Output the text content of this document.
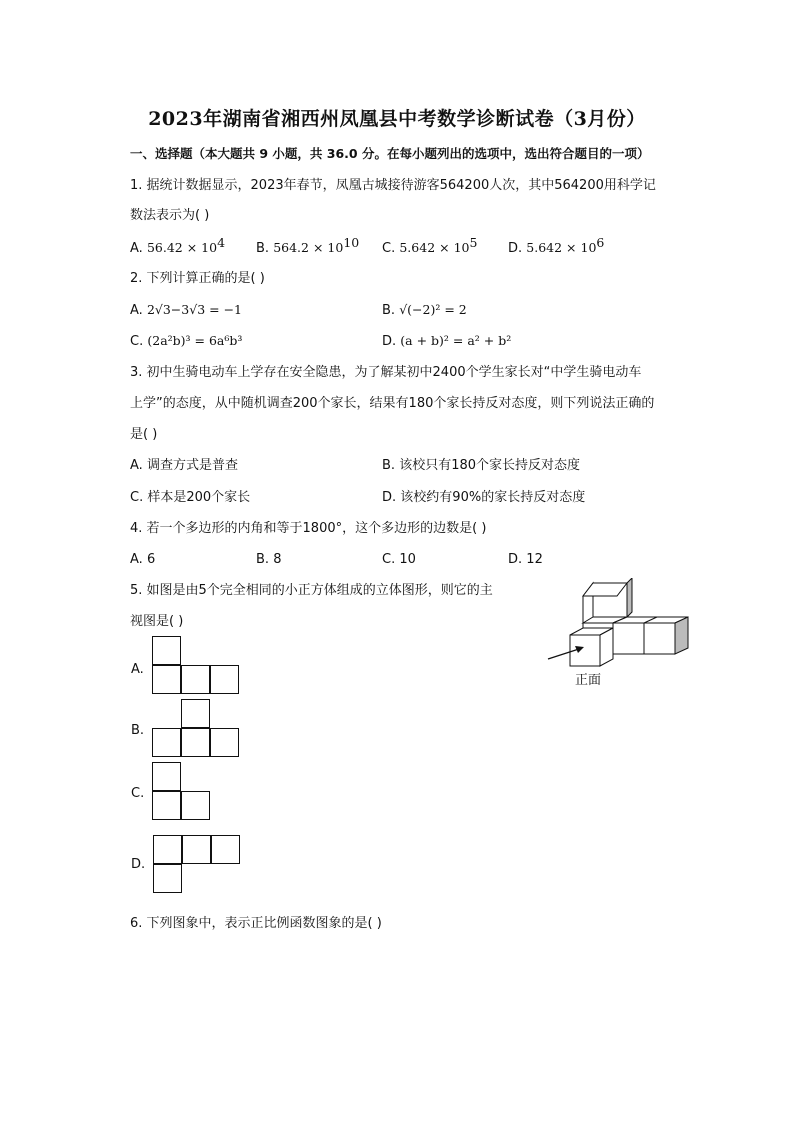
2023年湖南省湘西州凤凰县中考数学诊断试卷（3月份）
一、选择题（本大题共 9 小题，共 36.0 分。在每小题列出的选项中，选出符合题目的一项）
1. 据统计数据显示，2023年春节，凤凰古城接待游客564200人次，其中564200用科学记
数法表示为( )
A. $56.42 \times 10^4$ B. $564.2 \times 10^{10}$ C. $5.642 \times 10^5$ D. $5.642 \times 10^6$
2. 下列计算正确的是( )
A. 2√3−3√3 = −1	B. √(−2)² = 2
C. (2a²b)³ = 6a⁶b³	D. (a + b)² = a² + b²
3. 初中生骑电动车上学存在安全隐患，为了解某初中2400个学生家长对“中学生骑电动车
上学”的态度，从中随机调查200个家长，结果有180个家长持反对态度，则下列说法正确的
是( )
A. 调查方式是普查	B. 该校只有180个家长持反对态度
C. 样本是200个家长	D. 该校约有90%的家长持反对态度
4. 若一个多边形的内角和等于1800°，这个多边形的边数是( )
A. 6	B. 8	C. 10	D. 12
5. 如图是由5个完全相同的小正方体组成的立体图形，则它的主
视图是( )
正面
A.
B.
C.
D.
6. 下列图象中，表示正比例函数图象的是( )
